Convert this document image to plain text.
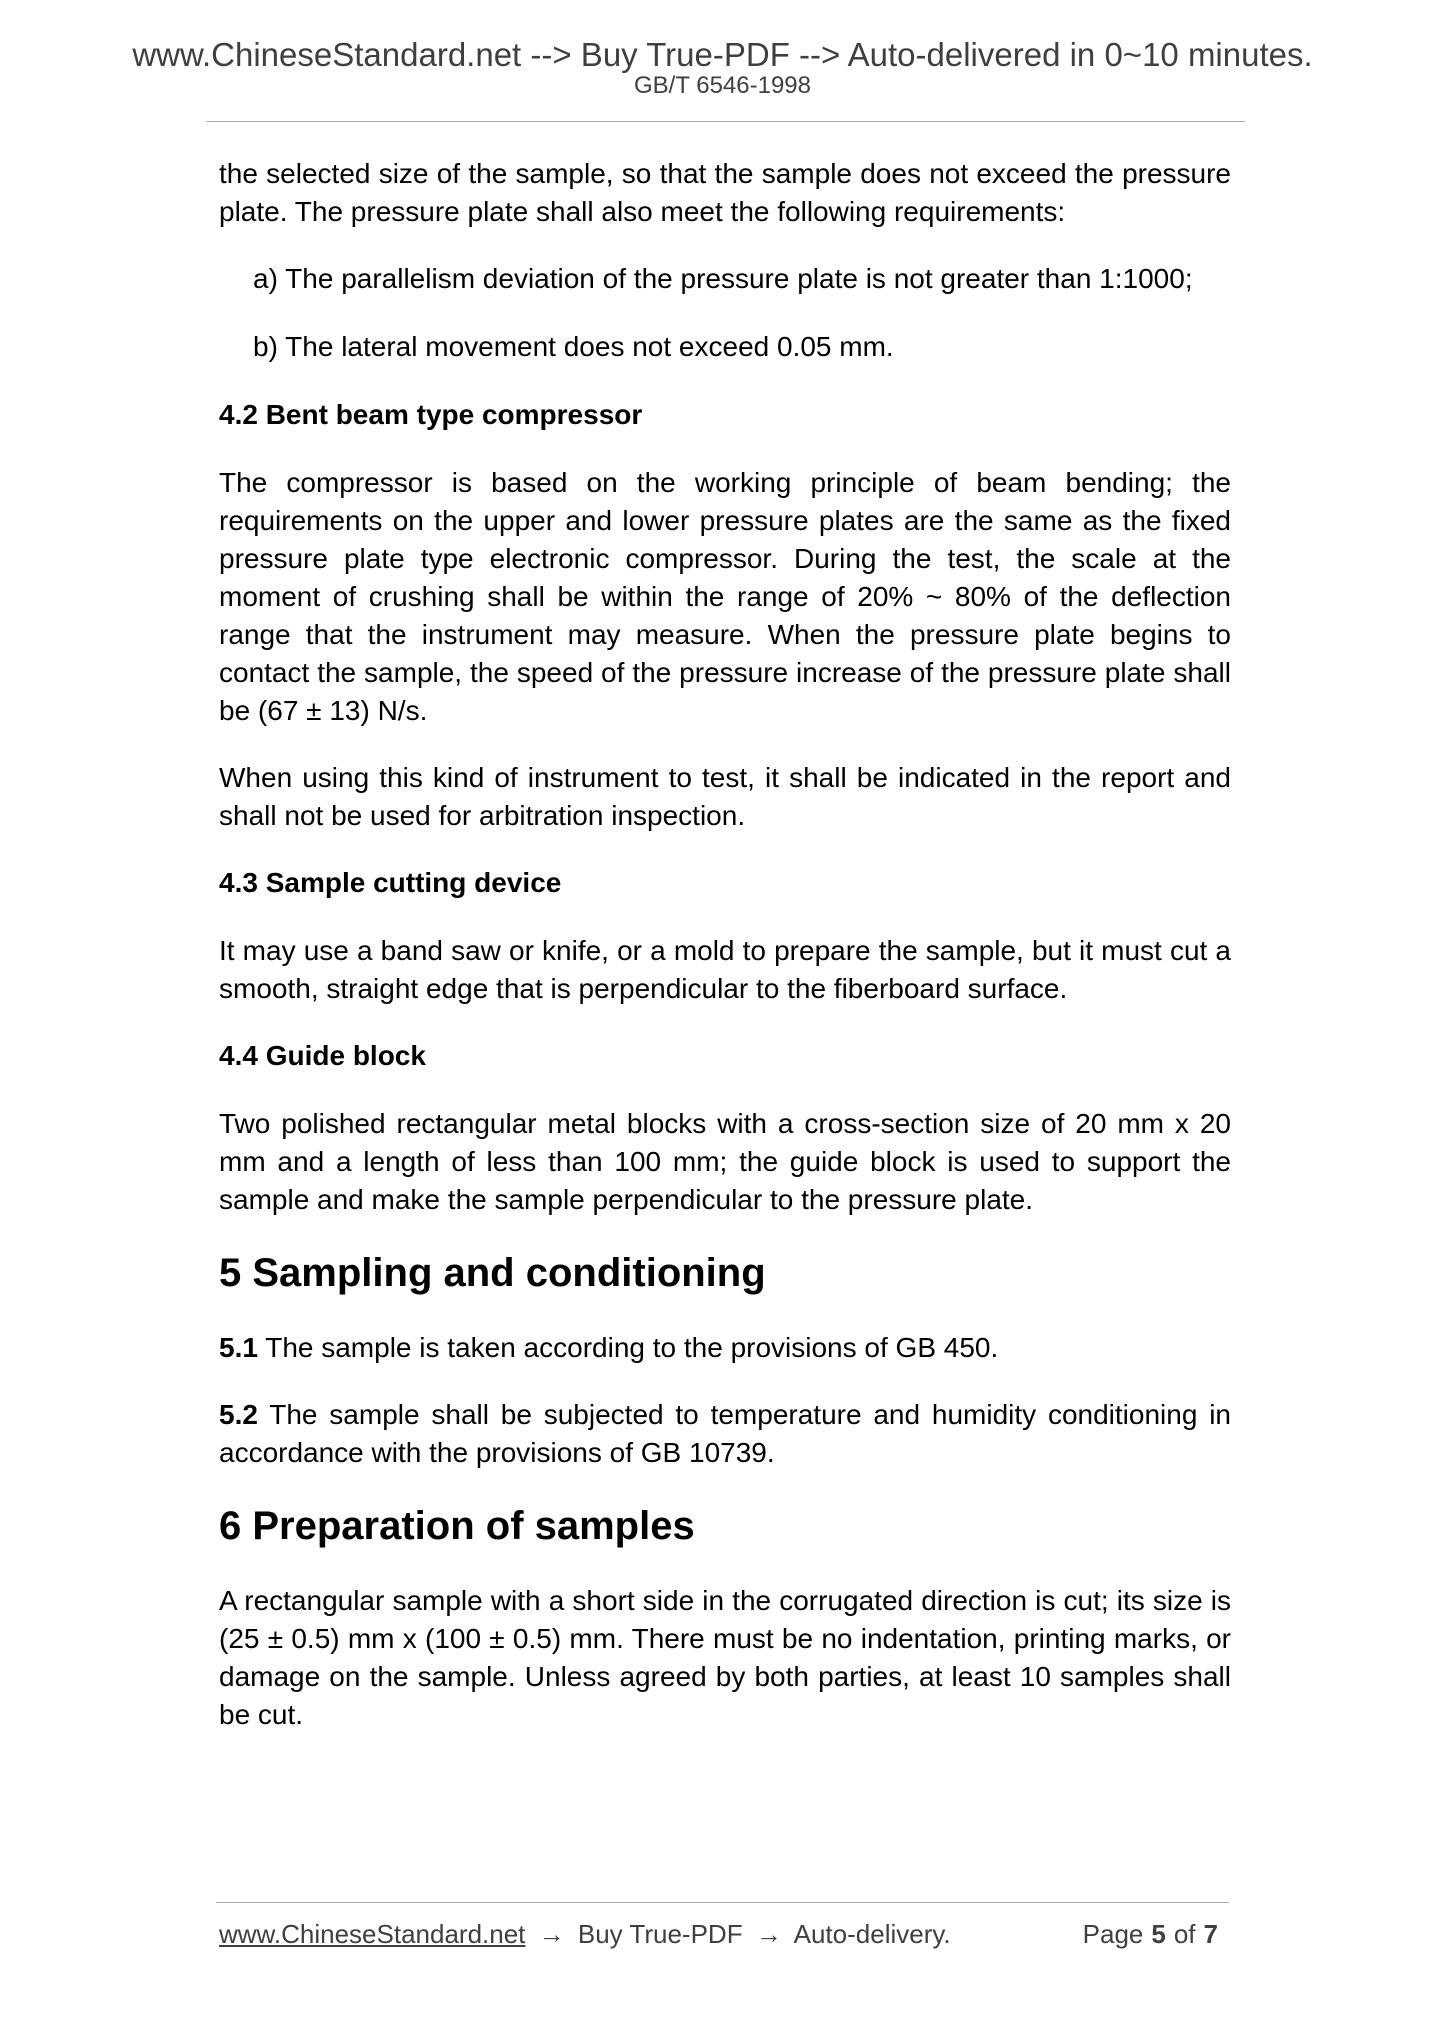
www.ChineseStandard.net --> Buy True-PDF --> Auto-delivered in 0~10 minutes.
GB/T 6546-1998

the selected size of the sample, so that the sample does not exceed the pressure plate. The pressure plate shall also meet the following requirements:

a) The parallelism deviation of the pressure plate is not greater than 1:1000;

b) The lateral movement does not exceed 0.05 mm.

4.2 Bent beam type compressor

The compressor is based on the working principle of beam bending; the requirements on the upper and lower pressure plates are the same as the fixed pressure plate type electronic compressor. During the test, the scale at the moment of crushing shall be within the range of 20% ~ 80% of the deflection range that the instrument may measure. When the pressure plate begins to contact the sample, the speed of the pressure increase of the pressure plate shall be (67 ± 13) N/s.

When using this kind of instrument to test, it shall be indicated in the report and shall not be used for arbitration inspection.

4.3 Sample cutting device

It may use a band saw or knife, or a mold to prepare the sample, but it must cut a smooth, straight edge that is perpendicular to the fiberboard surface.

4.4 Guide block

Two polished rectangular metal blocks with a cross-section size of 20 mm x 20 mm and a length of less than 100 mm; the guide block is used to support the sample and make the sample perpendicular to the pressure plate.

5 Sampling and conditioning

5.1 The sample is taken according to the provisions of GB 450.

5.2 The sample shall be subjected to temperature and humidity conditioning in accordance with the provisions of GB 10739.

6 Preparation of samples

A rectangular sample with a short side in the corrugated direction is cut; its size is (25 ± 0.5) mm x (100 ± 0.5) mm. There must be no indentation, printing marks, or damage on the sample. Unless agreed by both parties, at least 10 samples shall be cut.

www.ChineseStandard.net → Buy True-PDF → Auto-delivery.	Page 5 of 7
